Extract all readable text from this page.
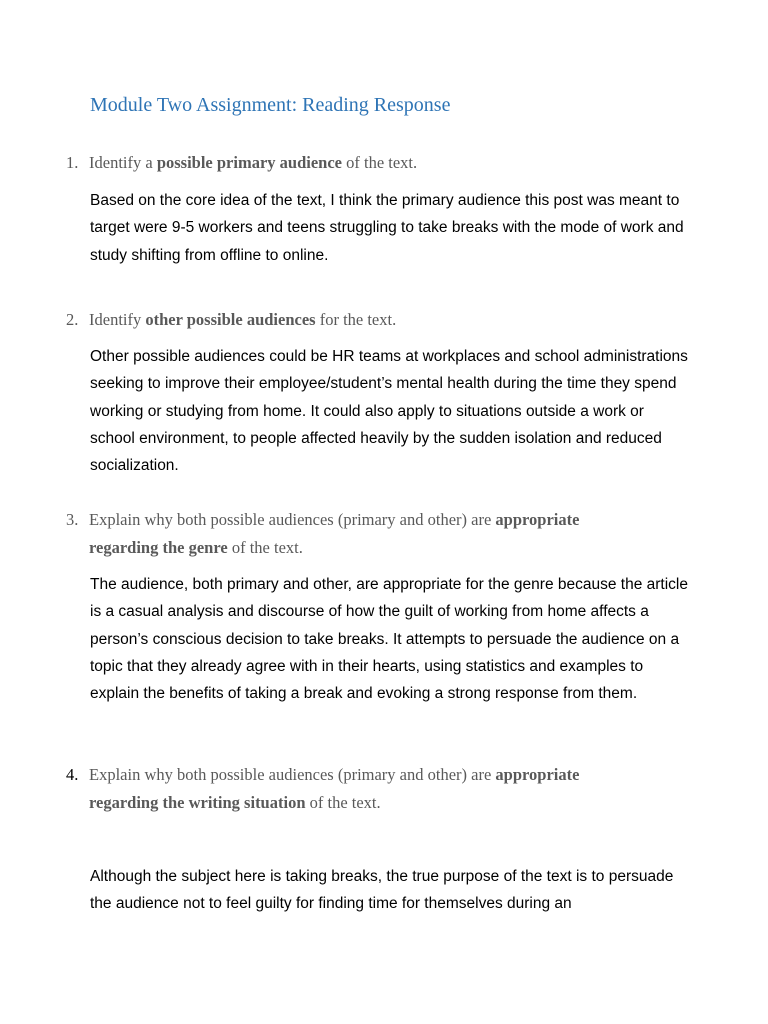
Module Two Assignment: Reading Response
1. Identify a possible primary audience of the text.

Based on the core idea of the text, I think the primary audience this post was meant to target were 9-5 workers and teens struggling to take breaks with the mode of work and study shifting from offline to online.

2. Identify other possible audiences for the text.

Other possible audiences could be HR teams at workplaces and school administrations seeking to improve their employee/student’s mental health during the time they spend working or studying from home. It could also apply to situations outside a work or school environment, to people affected heavily by the sudden isolation and reduced socialization.

3. Explain why both possible audiences (primary and other) are appropriate regarding the genre of the text.

The audience, both primary and other, are appropriate for the genre because the article is a casual analysis and discourse of how the guilt of working from home affects a person’s conscious decision to take breaks. It attempts to persuade the audience on a topic that they already agree with in their hearts, using statistics and examples to explain the benefits of taking a break and evoking a strong response from them.

4. Explain why both possible audiences (primary and other) are appropriate regarding the writing situation of the text.

Although the subject here is taking breaks, the true purpose of the text is to persuade the audience not to feel guilty for finding time for themselves during an
